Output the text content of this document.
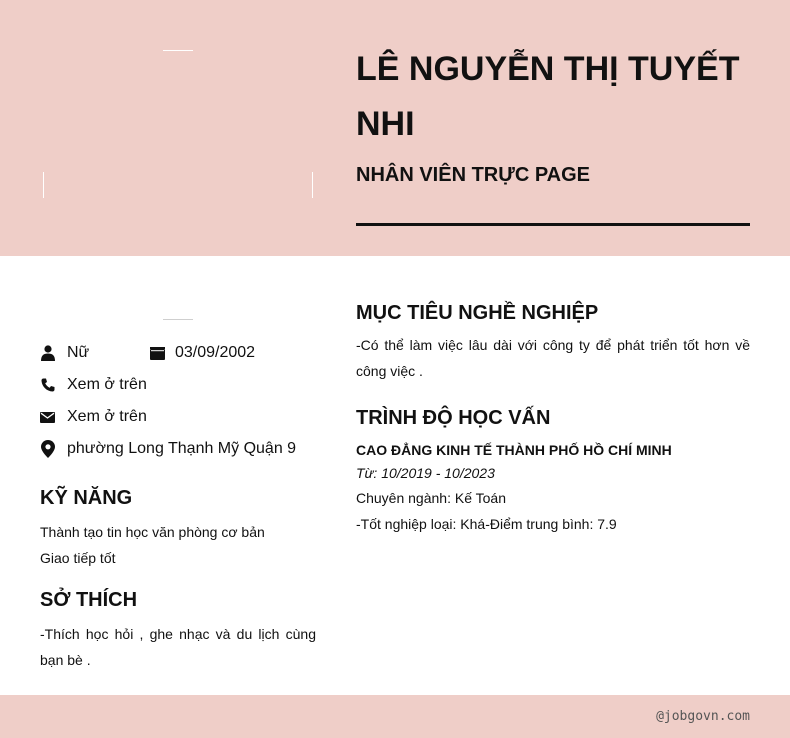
LÊ NGUYỄN THỊ TUYẾT NHI
NHÂN VIÊN TRỰC PAGE
Nữ	03/09/2002
Xem ở trên
Xem ở trên
phường Long Thạnh Mỹ Quận 9
KỸ NĂNG

Thành tạo tin học văn phòng cơ bản

Giao tiếp tốt

SỞ THÍCH

-Thích học hỏi , ghe nhạc và du lịch cùng bạn bè .

MỤC TIÊU NGHỀ NGHIỆP

-Có thể làm việc lâu dài với công ty để phát triển tốt hơn về công việc .

TRÌNH ĐỘ HỌC VẤN

CAO ĐẲNG KINH TẾ THÀNH PHỐ HỒ CHÍ MINH

Từ: 10/2019 - 10/2023

Chuyên ngành: Kế Toán

-Tốt nghiệp loại: Khá-Điểm trung bình: 7.9

@jobgovn.com
